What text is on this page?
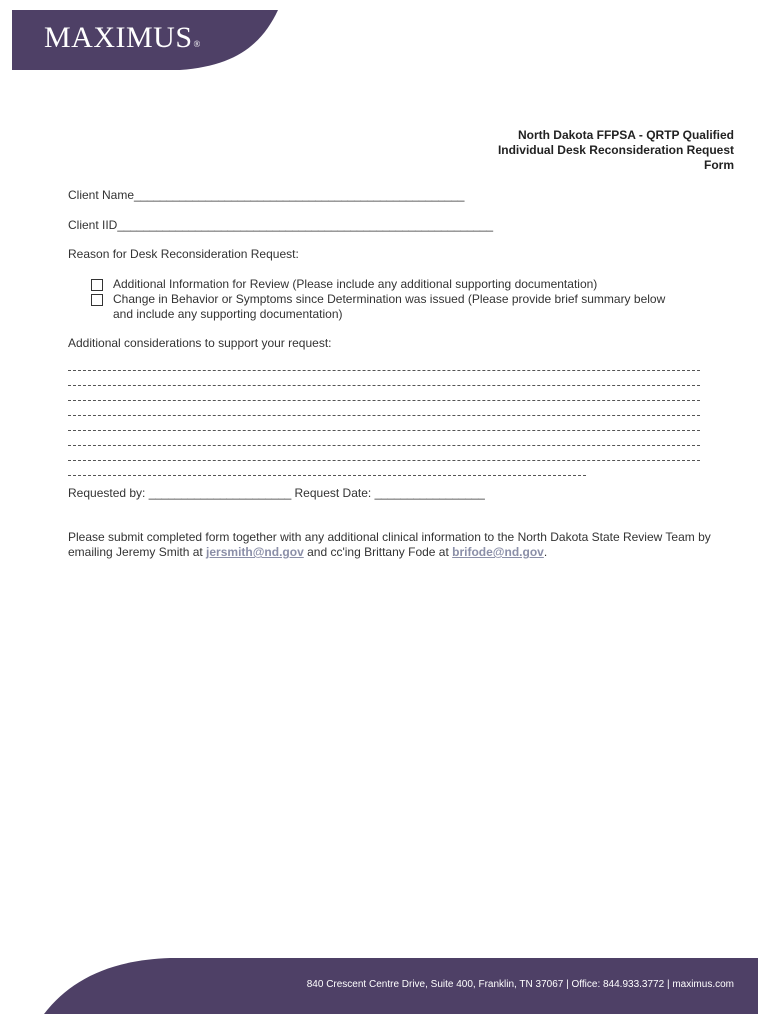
MAXIMUS®
North Dakota FFPSA - QRTP Qualified
Individual Desk Reconsideration Request
Form
Client Name___________________________________________________
Client IID__________________________________________________________
Reason for Desk Reconsideration Request:
Additional Information for Review (Please include any additional supporting documentation)
Change in Behavior or Symptoms since Determination was issued (Please provide brief summary below
and include any supporting documentation)
Additional considerations to support your request:
Requested by: ______________________ Request Date: _________________
Please submit completed form together with any additional clinical information to the North Dakota State Review Team by emailing Jeremy Smith at jersmith@nd.gov and cc'ing Brittany Fode at brifode@nd.gov.
840 Crescent Centre Drive, Suite 400, Franklin, TN 37067 | Office: 844.933.3772 | maximus.com
